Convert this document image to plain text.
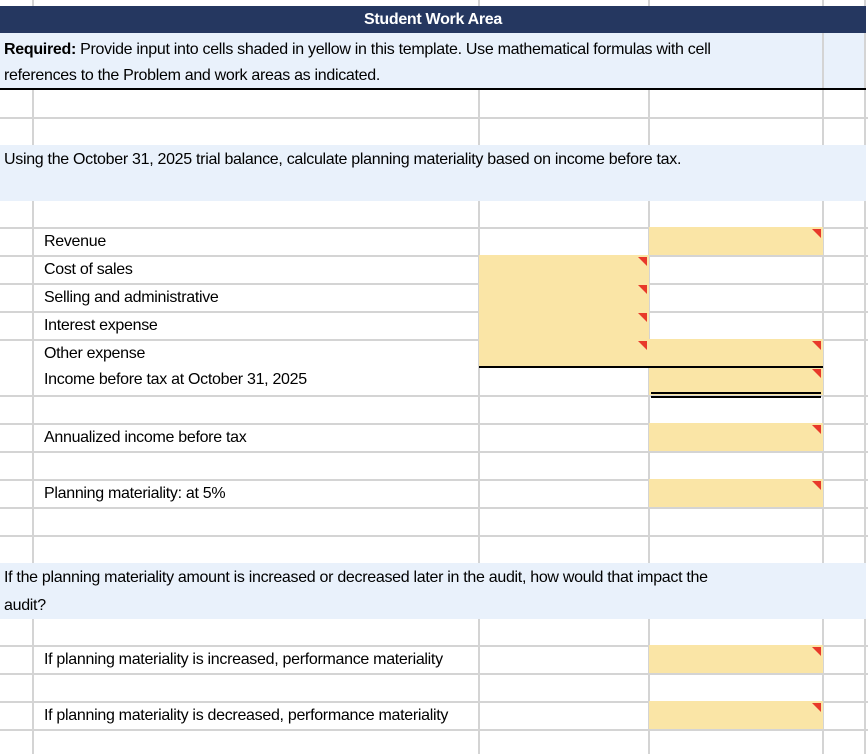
Student Work Area
Required: Provide input into cells shaded in yellow in this template. Use mathematical formulas with cell
references to the Problem and work areas as indicated.
Using the October 31, 2025 trial balance, calculate planning materiality based on income before tax.
Revenue
Cost of sales
Selling and administrative
Interest expense
Other expense
Income before tax at October 31, 2025
Annualized income before tax
Planning materiality: at 5%
If the planning materiality amount is increased or decreased later in the audit, how would that impact the
audit?
If planning materiality is increased, performance materiality
If planning materiality is decreased, performance materiality
